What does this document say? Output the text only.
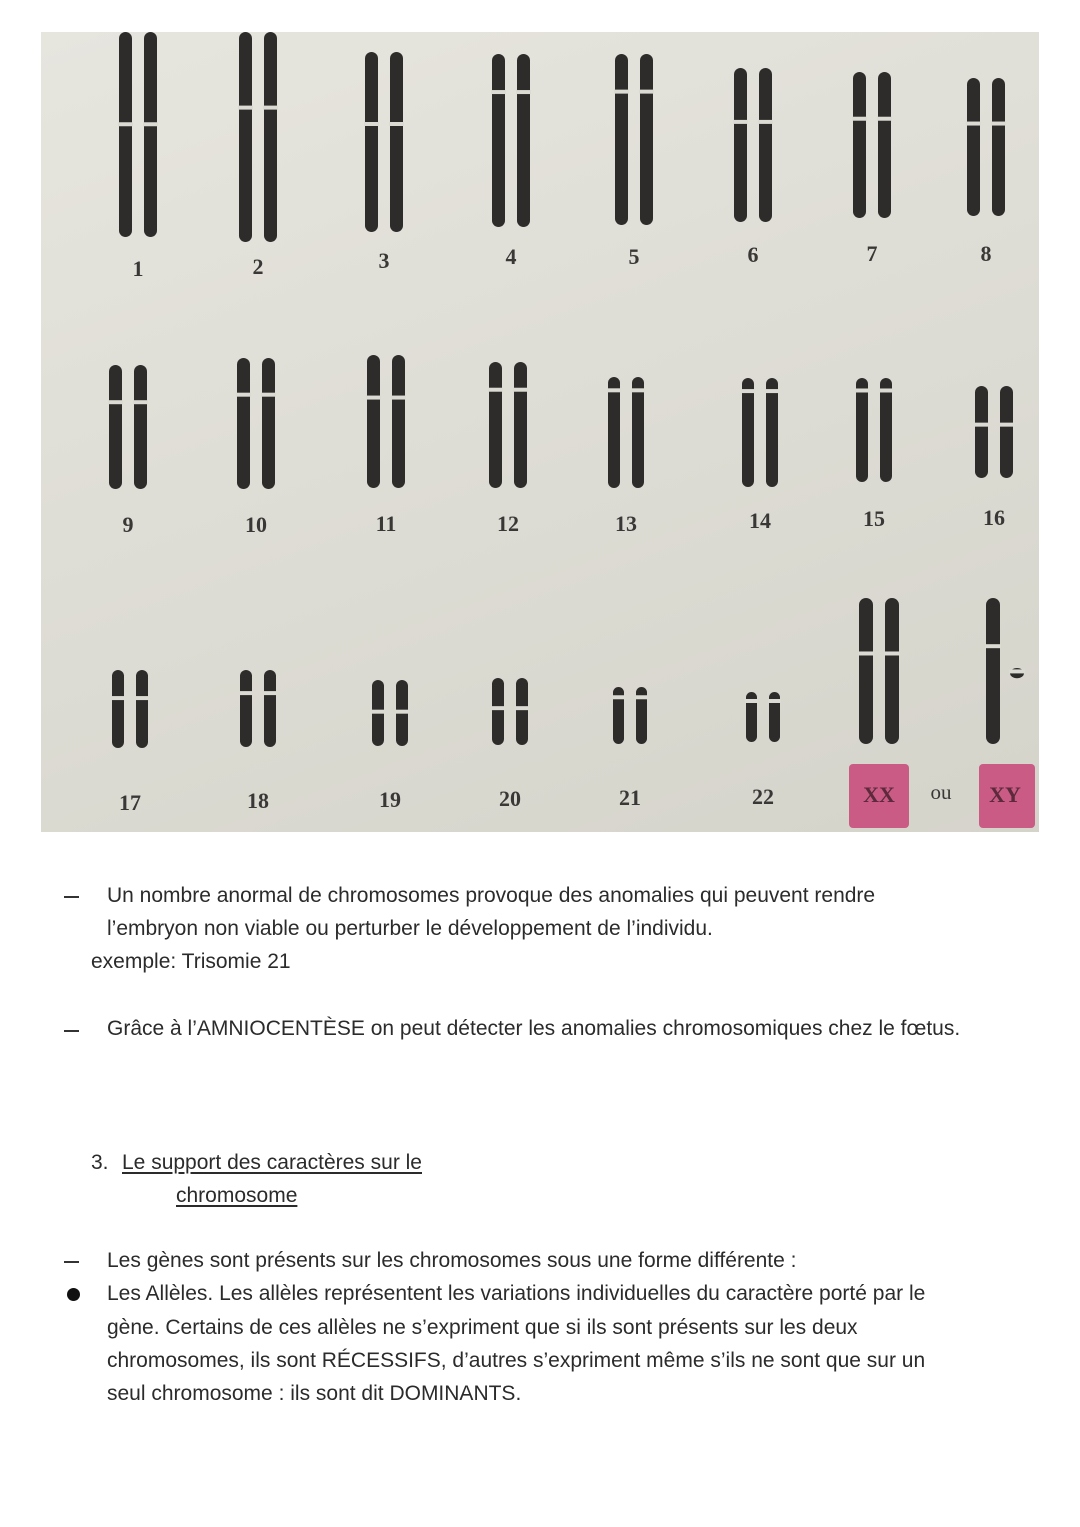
1	2	3	4	5	6	7	8
9	10	11	12	13	14	15	16
17	18	19	20	21	22	XX ou XY
Un nombre anormal de chromosomes provoque des anomalies qui peuvent rendre
l’embryon non viable ou perturber le développement de l’individu.
exemple: Trisomie 21
Grâce à l’AMNIOCENTÈSE on peut détecter les anomalies chromosomiques chez le fœtus.
3. Le support des caractères sur le
chromosome
Les gènes sont présents sur les chromosomes sous une forme différente :
Les Allèles. Les allèles représentent les variations individuelles du caractère porté par le
gène. Certains de ces allèles ne s’expriment que si ils sont présents sur les deux
chromosomes, ils sont RÉCESSIFS, d’autres s’expriment même s’ils ne sont que sur un
seul chromosome : ils sont dit DOMINANTS.
